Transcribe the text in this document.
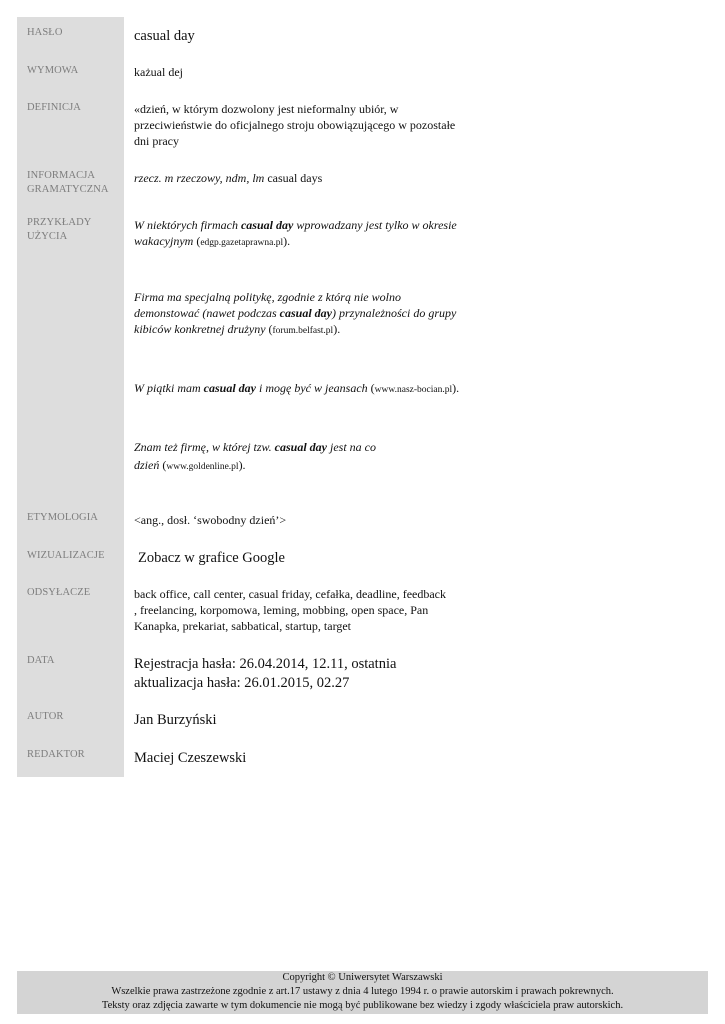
HASŁO	casual day
WYMOWA	każual dej
DEFINICJA	«dzień, w którym dozwolony jest nieformalny ubiór, w
przeciwieństwie do oficjalnego stroju obowiązującego w pozostałe
dni pracy
INFORMACJA
GRAMATYCZNA
rzecz. m rzeczowy, ndm, lm casual days
PRZYKŁADY
UŻYCIA
W niektórych firmach casual day wprowadzany jest tylko w okresie
wakacyjnym (edgp.gazetaprawna.pl).
Firma ma specjalną politykę, zgodnie z którą nie wolno
demonstować (nawet podczas casual day) przynależności do grupy
kibiców konkretnej drużyny (forum.belfast.pl).
W piątki mam casual day i mogę być w jeansach (www.nasz-bocian.pl).
Znam też firmę, w której tzw. casual day jest na co
dzień (www.goldenline.pl).
ETYMOLOGIA	<ang., dosł. ‘swobodny dzień’>
WIZUALIZACJE Zobacz w grafice Google
ODSYŁACZE	back office, call center, casual friday, cefałka, deadline, feedback
, freelancing, korpomowa, leming, mobbing, open space, Pan
Kanapka, prekariat, sabbatical, startup, target
DATA	Rejestracja hasła: 26.04.2014, 12.11, ostatnia
aktualizacja hasła: 26.01.2015, 02.27
AUTOR	Jan Burzyński
REDAKTOR	Maciej Czeszewski
Copyright © Uniwersytet Warszawski
Wszelkie prawa zastrzeżone zgodnie z art.17 ustawy z dnia 4 lutego 1994 r. o prawie autorskim i prawach pokrewnych.
Teksty oraz zdjęcia zawarte w tym dokumencie nie mogą być publikowane bez wiedzy i zgody właściciela praw autorskich.
